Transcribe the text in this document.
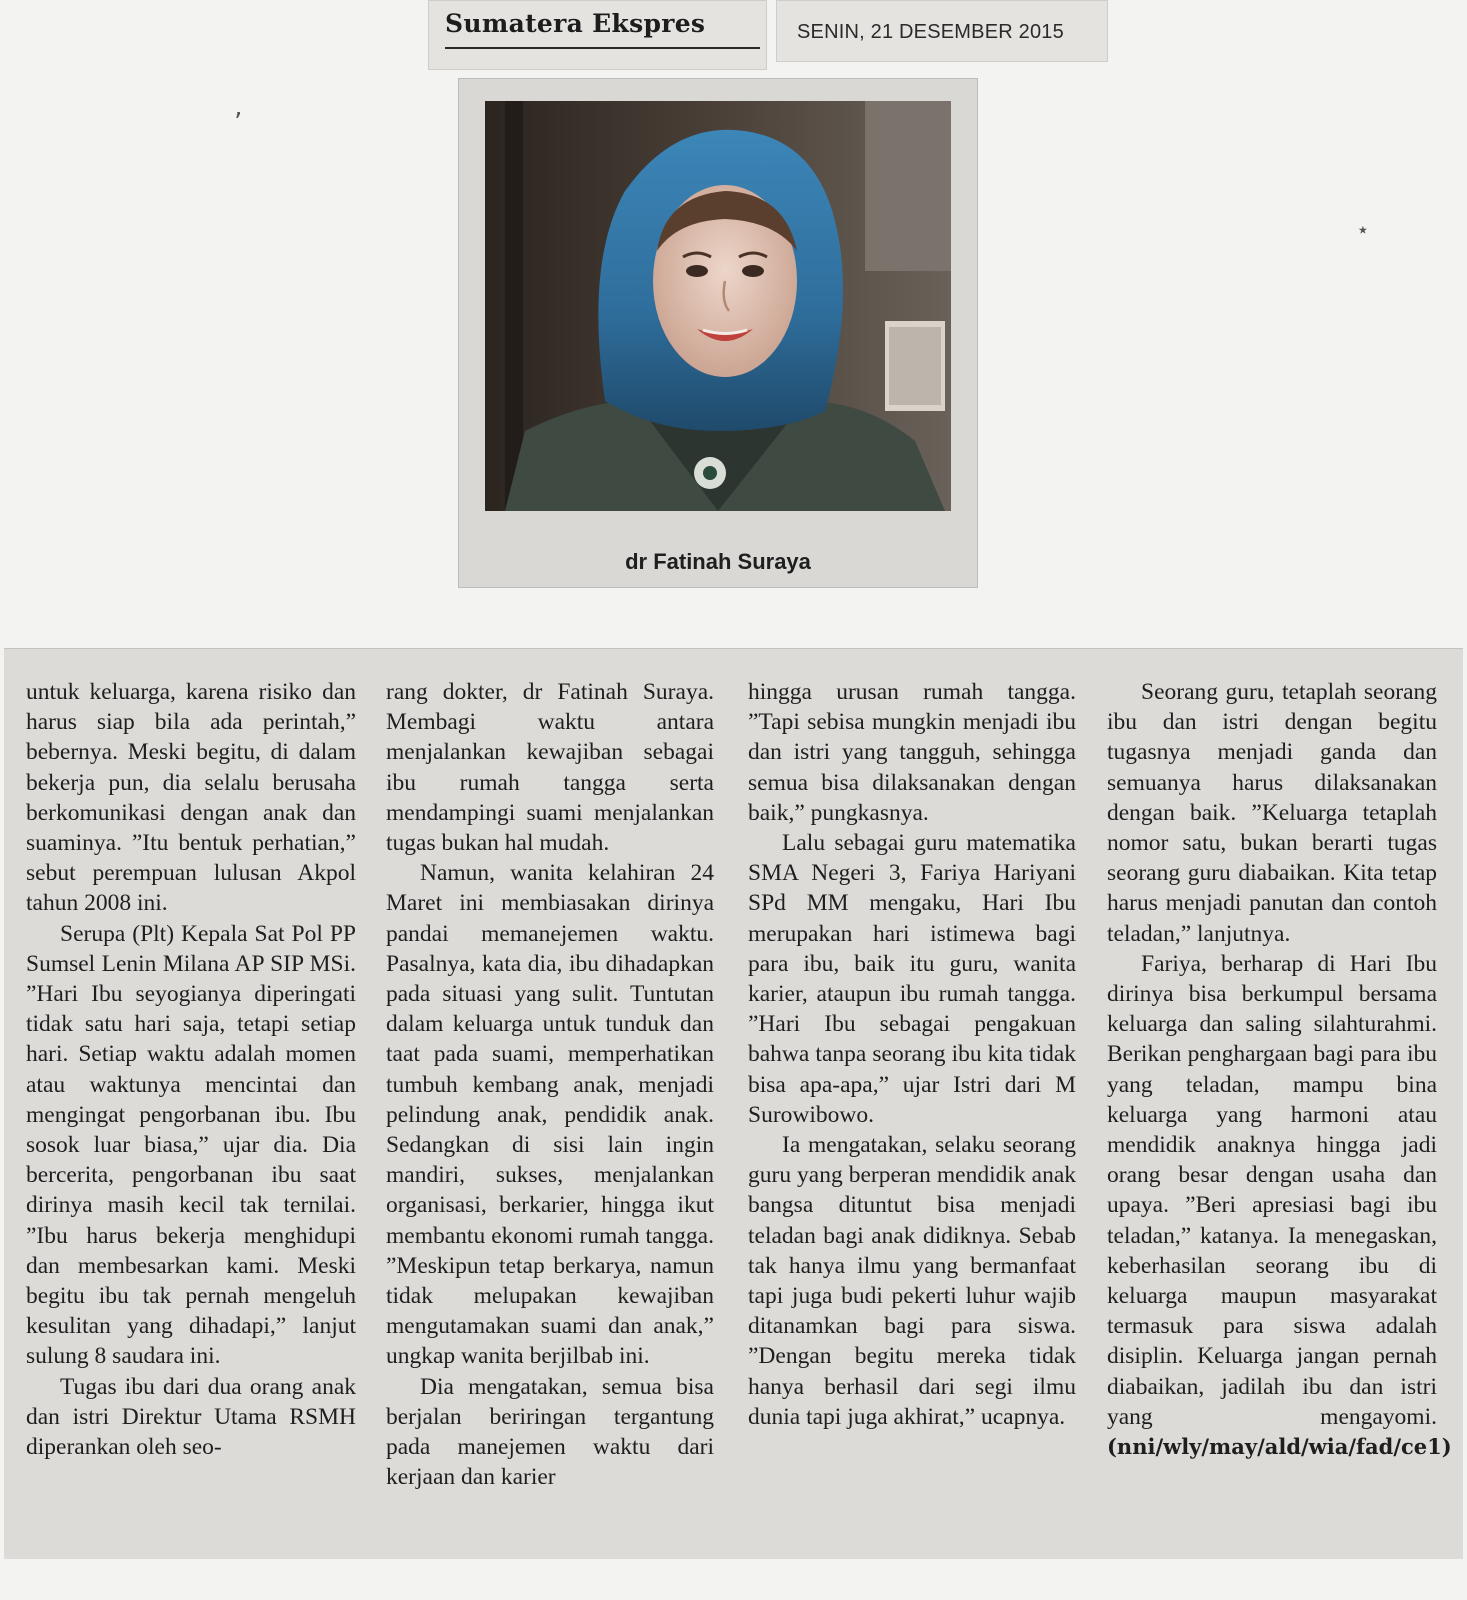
Sumatera Ekspres	SENIN, 21 DESEMBER 2015
’
⋆
dr Fatinah Suraya

untuk keluarga, karena risiko dan harus siap bila ada perintah,” bebernya. Meski begitu, di dalam bekerja pun, dia selalu berusaha berkomunikasi dengan anak dan suaminya. ”Itu bentuk perhatian,” sebut perempuan lulusan Akpol tahun 2008 ini.

Serupa (Plt) Kepala Sat Pol PP Sumsel Lenin Milana AP SIP MSi. ”Hari Ibu seyogianya diperingati tidak satu hari saja, tetapi setiap hari. Setiap waktu adalah momen atau waktunya mencintai dan mengingat pengorbanan ibu. Ibu sosok luar biasa,” ujar dia. Dia bercerita, pengorbanan ibu saat dirinya masih kecil tak ternilai. ”Ibu harus bekerja menghidupi dan membesarkan kami. Meski begitu ibu tak pernah mengeluh kesulitan yang dihadapi,” lanjut sulung 8 saudara ini.

Tugas ibu dari dua orang anak dan istri Direktur Utama RSMH diperankan oleh seo-

rang dokter, dr Fatinah Suraya. Membagi waktu antara menjalankan kewajiban sebagai ibu rumah tangga serta mendampingi suami menjalankan tugas bukan hal mudah.

Namun, wanita kelahiran 24 Maret ini membiasakan dirinya pandai memanejemen waktu. Pasalnya, kata dia, ibu dihadapkan pada situasi yang sulit. Tuntutan dalam keluarga untuk tunduk dan taat pada suami, memperhatikan tumbuh kembang anak, menjadi pelindung anak, pendidik anak. Sedangkan di sisi lain ingin mandiri, sukses, menjalankan organisasi, berkarier, hingga ikut membantu ekonomi rumah tangga. ”Meskipun tetap berkarya, namun tidak melupakan kewajiban mengutamakan suami dan anak,” ungkap wanita berjilbab ini.

Dia mengatakan, semua bisa berjalan beriringan tergantung pada manejemen waktu dari kerjaan dan karier

hingga urusan rumah tangga. ”Tapi sebisa mungkin menjadi ibu dan istri yang tangguh, sehingga semua bisa dilaksanakan dengan baik,” pungkasnya.

Lalu sebagai guru matematika SMA Negeri 3, Fariya Hariyani SPd MM mengaku, Hari Ibu merupakan hari istimewa bagi para ibu, baik itu guru, wanita karier, ataupun ibu rumah tangga. ”Hari Ibu sebagai pengakuan bahwa tanpa seorang ibu kita tidak bisa apa-apa,” ujar Istri dari M Surowibowo.

Ia mengatakan, selaku seorang guru yang berperan mendidik anak bangsa dituntut bisa menjadi teladan bagi anak didiknya. Sebab tak hanya ilmu yang bermanfaat tapi juga budi pekerti luhur wajib ditanamkan bagi para siswa. ”Dengan begitu mereka tidak hanya berhasil dari segi ilmu dunia tapi juga akhirat,” ucapnya.

Seorang guru, tetaplah seorang ibu dan istri dengan begitu tugasnya menjadi ganda dan semuanya harus dilaksanakan dengan baik. ”Keluarga tetaplah nomor satu, bukan berarti tugas seorang guru diabaikan. Kita tetap harus menjadi panutan dan contoh teladan,” lanjutnya.

Fariya, berharap di Hari Ibu dirinya bisa berkumpul bersama keluarga dan saling silahturahmi. Berikan penghargaan bagi para ibu yang teladan, mampu bina keluarga yang harmoni atau mendidik anaknya hingga jadi orang besar dengan usaha dan upaya. ”Beri apresiasi bagi ibu teladan,” katanya. Ia menegaskan, keberhasilan seorang ibu di keluarga maupun masyarakat termasuk para siswa adalah disiplin. Keluarga jangan pernah diabaikan, jadilah ibu dan istri yang mengayomi. (nni/wly/may/ald/wia/fad/ce1)
